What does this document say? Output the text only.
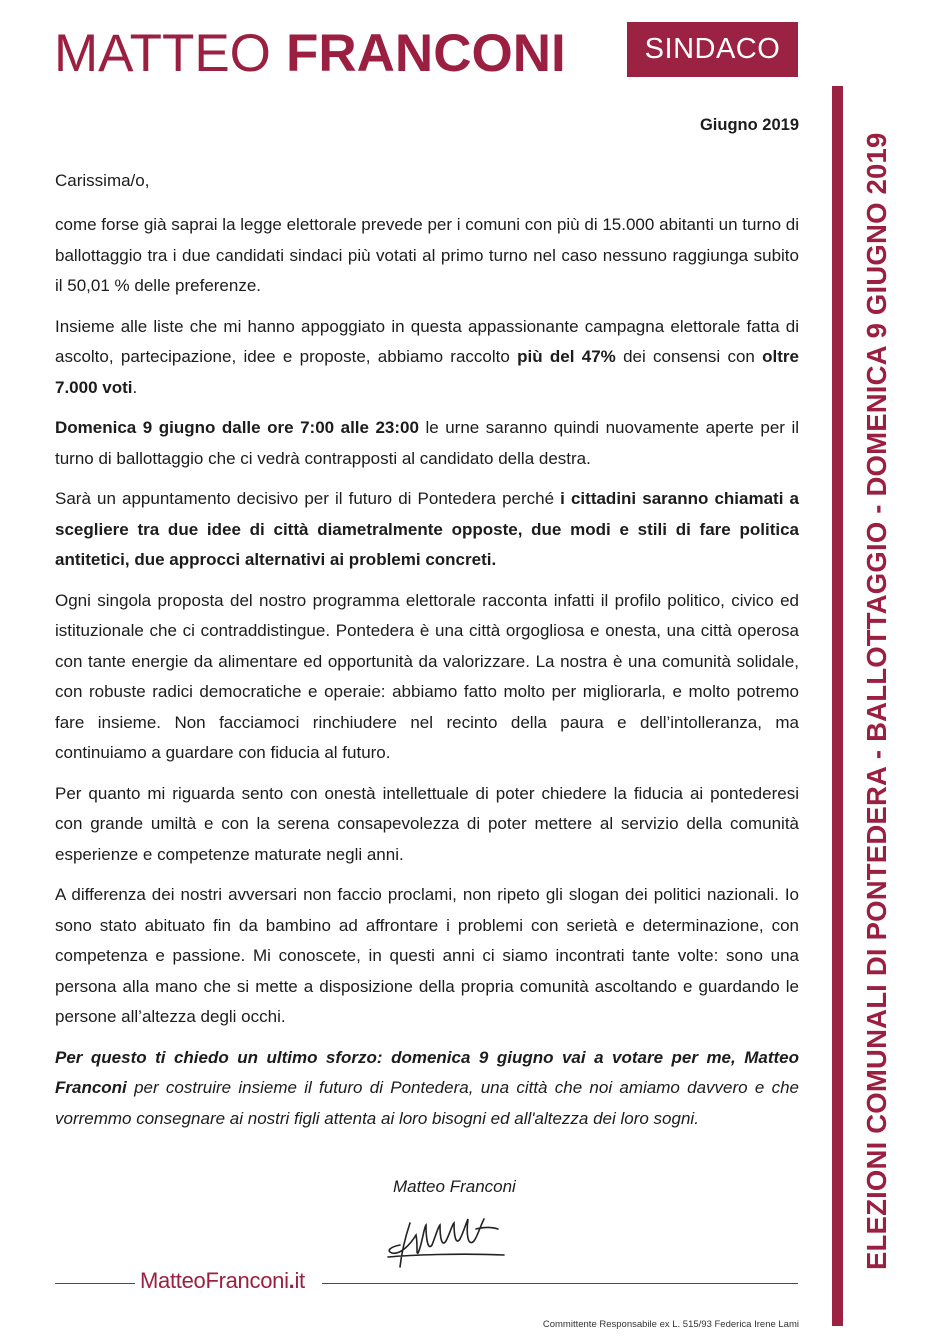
MATTEO FRANCONI	SINDACO
ELEZIONI COMUNALI DI PONTEDERA - BALLOTTAGGIO - DOMENICA 9 GIUGNO 2019
Giugno 2019
Carissima/o,

come forse già saprai la legge elettorale prevede per i comuni con più di 15.000 abitanti un turno di ballottaggio tra i due candidati sindaci più votati al primo turno nel caso nessuno raggiunga subito il 50,01 % delle preferenze.

Insieme alle liste che mi hanno appoggiato in questa appassionante campagna elettorale fatta di ascolto, partecipazione, idee e proposte, abbiamo raccolto più del 47% dei consensi con oltre 7.000 voti.

Domenica 9 giugno dalle ore 7:00 alle 23:00 le urne saranno quindi nuovamente aperte per il turno di ballottaggio che ci vedrà contrapposti al candidato della destra.

Sarà un appuntamento decisivo per il futuro di Pontedera perché i cittadini saranno chiamati a scegliere tra due idee di città diametralmente opposte, due modi e stili di fare politica antitetici, due approcci alternativi ai problemi concreti.

Ogni singola proposta del nostro programma elettorale racconta infatti il profilo politico, civico ed istituzionale che ci contraddistingue. Pontedera è una città orgogliosa e onesta, una città operosa con tante energie da alimentare ed opportunità da valorizzare. La nostra è una comunità solidale, con robuste radici democratiche e operaie: abbiamo fatto molto per migliorarla, e molto potremo fare insieme. Non facciamoci rinchiudere nel recinto della paura e dell’intolleranza, ma continuiamo a guardare con fiducia al futuro.

Per quanto mi riguarda sento con onestà intellettuale di poter chiedere la fiducia ai pontederesi con grande umiltà e con la serena consapevolezza di poter mettere al servizio della comunità esperienze e competenze maturate negli anni.

A differenza dei nostri avversari non faccio proclami, non ripeto gli slogan dei politici nazionali. Io sono stato abituato fin da bambino ad affrontare i problemi con serietà e determinazione, con competenza e passione. Mi conoscete, in questi anni ci siamo incontrati tante volte: sono una persona alla mano che si mette a disposizione della propria comunità ascoltando e guardando le persone all’altezza degli occhi.

Per questo ti chiedo un ultimo sforzo: domenica 9 giugno vai a votare per me, Matteo Franconi per costruire insieme il futuro di Pontedera, una città che noi amiamo davvero e che vorremmo consegnare ai nostri figli attenta ai loro bisogni ed all'altezza dei loro sogni.

Matteo Franconi
MatteoFranconi.it
Committente Responsabile ex L. 515/93 Federica Irene Lami
